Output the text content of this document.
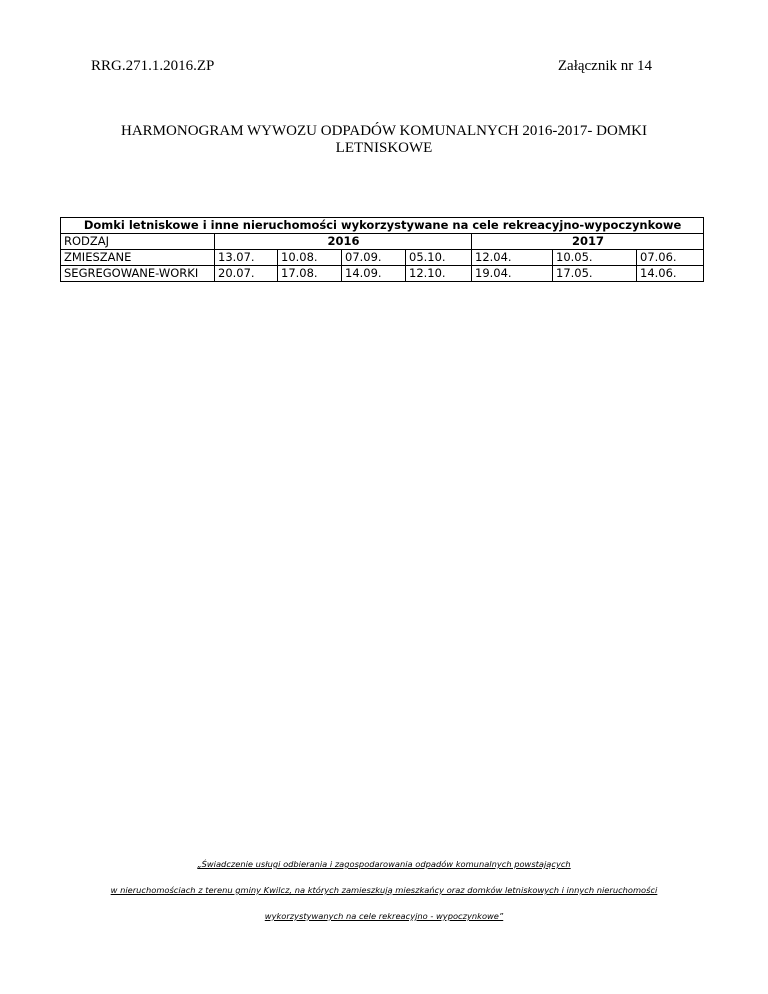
RRG.271.1.2016.ZP	Załącznik nr 14
HARMONOGRAM WYWOZU ODPADÓW KOMUNALNYCH 2016-2017- DOMKI
LETNISKOWE
Domki letniskowe i inne nieruchomości wykorzystywane na cele rekreacyjno-wypoczynkowe							
RODZAJ	2016				2017		
ZMIESZANE	13.07.	10.08.	07.09.	05.10.	12.04.	10.05.	07.06.
SEGREGOWANE-WORKI	20.07.	17.08.	14.09.	12.10.	19.04.	17.05.	14.06.
„Świadczenie usługi odbierania i zagospodarowania odpadów komunalnych powstających
w nieruchomościach z terenu gminy Kwilcz, na których zamieszkują mieszkańcy oraz domków letniskowych i innych nieruchomości
wykorzystywanych na cele rekreacyjno - wypoczynkowe”
